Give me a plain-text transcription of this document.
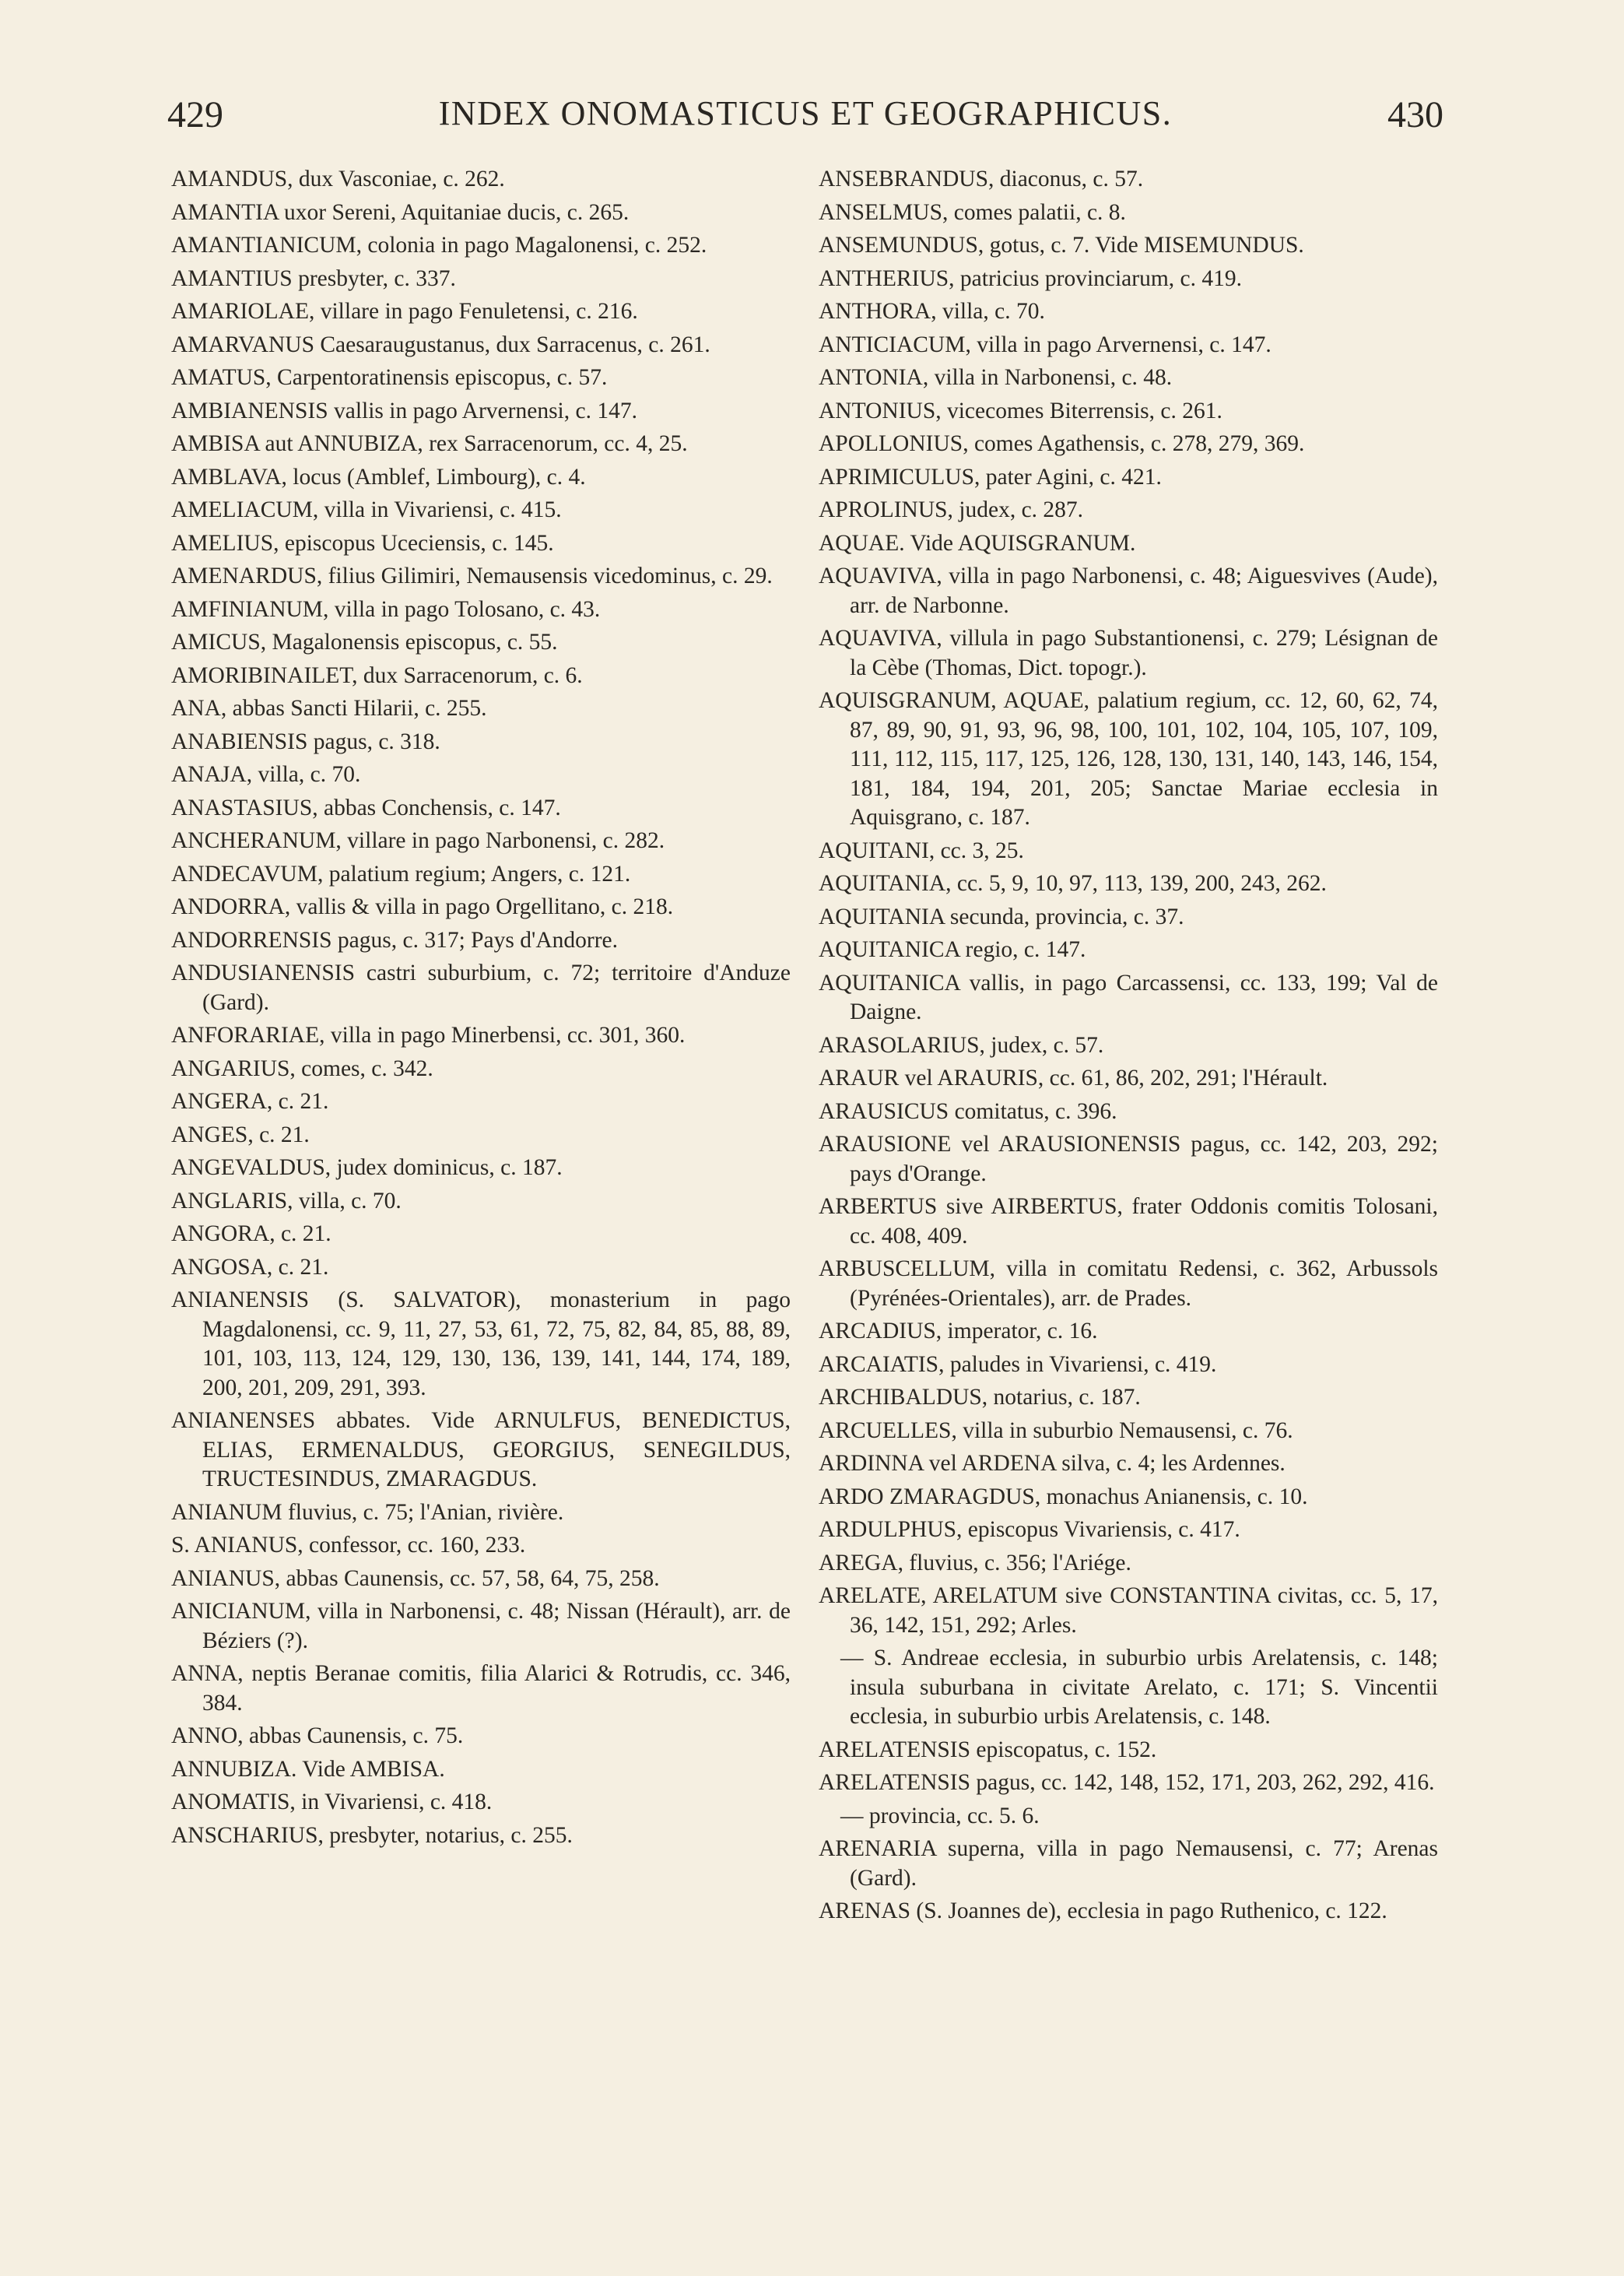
429	INDEX ONOMASTICUS ET GEOGRAPHICUS.	430

AMANDUS, dux Vasconiae, c. 262.

AMANTIA uxor Sereni, Aquitaniae ducis, c. 265.

AMANTIANICUM, colonia in pago Magalonensi, c. 252.

AMANTIUS presbyter, c. 337.

AMARIOLAE, villare in pago Fenuletensi, c. 216.

AMARVANUS Caesaraugustanus, dux Sarracenus, c. 261.

AMATUS, Carpentoratinensis episcopus, c. 57.

AMBIANENSIS vallis in pago Arvernensi, c. 147.

AMBISA aut ANNUBIZA, rex Sarracenorum, cc. 4, 25.

AMBLAVA, locus (Amblef, Limbourg), c. 4.

AMELIACUM, villa in Vivariensi, c. 415.

AMELIUS, episcopus Uceciensis, c. 145.

AMENARDUS, filius Gilimiri, Nemausensis vicedominus, c. 29.

AMFINIANUM, villa in pago Tolosano, c. 43.

AMICUS, Magalonensis episcopus, c. 55.

AMORIBINAILET, dux Sarracenorum, c. 6.

ANA, abbas Sancti Hilarii, c. 255.

ANABIENSIS pagus, c. 318.

ANAJA, villa, c. 70.

ANASTASIUS, abbas Conchensis, c. 147.

ANCHERANUM, villare in pago Narbonensi, c. 282.

ANDECAVUM, palatium regium; Angers, c. 121.

ANDORRA, vallis & villa in pago Orgellitano, c. 218.

ANDORRENSIS pagus, c. 317; Pays d'Andorre.

ANDUSIANENSIS castri suburbium, c. 72; territoire d'Anduze (Gard).

ANFORARIAE, villa in pago Minerbensi, cc. 301, 360.

ANGARIUS, comes, c. 342.

ANGERA, c. 21.

ANGES, c. 21.

ANGEVALDUS, judex dominicus, c. 187.

ANGLARIS, villa, c. 70.

ANGORA, c. 21.

ANGOSA, c. 21.

ANIANENSIS (S. SALVATOR), monasterium in pago Magdalonensi, cc. 9, 11, 27, 53, 61, 72, 75, 82, 84, 85, 88, 89, 101, 103, 113, 124, 129, 130, 136, 139, 141, 144, 174, 189, 200, 201, 209, 291, 393.

ANIANENSES abbates. Vide ARNULFUS, BENEDICTUS, ELIAS, ERMENALDUS, GEORGIUS, SENEGILDUS, TRUCTESINDUS, ZMARAGDUS.

ANIANUM fluvius, c. 75; l'Anian, rivière.

S. ANIANUS, confessor, cc. 160, 233.

ANIANUS, abbas Caunensis, cc. 57, 58, 64, 75, 258.

ANICIANUM, villa in Narbonensi, c. 48; Nissan (Hérault), arr. de Béziers (?).

ANNA, neptis Beranae comitis, filia Alarici & Rotrudis, cc. 346, 384.

ANNO, abbas Caunensis, c. 75.

ANNUBIZA. Vide AMBISA.

ANOMATIS, in Vivariensi, c. 418.

ANSCHARIUS, presbyter, notarius, c. 255.

ANSEBRANDUS, diaconus, c. 57.

ANSELMUS, comes palatii, c. 8.

ANSEMUNDUS, gotus, c. 7. Vide MISEMUNDUS.

ANTHERIUS, patricius provinciarum, c. 419.

ANTHORA, villa, c. 70.

ANTICIACUM, villa in pago Arvernensi, c. 147.

ANTONIA, villa in Narbonensi, c. 48.

ANTONIUS, vicecomes Biterrensis, c. 261.

APOLLONIUS, comes Agathensis, c. 278, 279, 369.

APRIMICULUS, pater Agini, c. 421.

APROLINUS, judex, c. 287.

AQUAE. Vide AQUISGRANUM.

AQUAVIVA, villa in pago Narbonensi, c. 48; Aiguesvives (Aude), arr. de Narbonne.

AQUAVIVA, villula in pago Substantionensi, c. 279; Lésignan de la Cèbe (Thomas, Dict. topogr.).

AQUISGRANUM, AQUAE, palatium regium, cc. 12, 60, 62, 74, 87, 89, 90, 91, 93, 96, 98, 100, 101, 102, 104, 105, 107, 109, 111, 112, 115, 117, 125, 126, 128, 130, 131, 140, 143, 146, 154, 181, 184, 194, 201, 205; Sanctae Mariae ecclesia in Aquisgrano, c. 187.

AQUITANI, cc. 3, 25.

AQUITANIA, cc. 5, 9, 10, 97, 113, 139, 200, 243, 262.

AQUITANIA secunda, provincia, c. 37.

AQUITANICA regio, c. 147.

AQUITANICA vallis, in pago Carcassensi, cc. 133, 199; Val de Daigne.

ARASOLARIUS, judex, c. 57.

ARAUR vel ARAURIS, cc. 61, 86, 202, 291; l'Hérault.

ARAUSICUS comitatus, c. 396.

ARAUSIONE vel ARAUSIONENSIS pagus, cc. 142, 203, 292; pays d'Orange.

ARBERTUS sive AIRBERTUS, frater Oddonis comitis Tolosani, cc. 408, 409.

ARBUSCELLUM, villa in comitatu Redensi, c. 362, Arbussols (Pyrénées-Orientales), arr. de Prades.

ARCADIUS, imperator, c. 16.

ARCAIATIS, paludes in Vivariensi, c. 419.

ARCHIBALDUS, notarius, c. 187.

ARCUELLES, villa in suburbio Nemausensi, c. 76.

ARDINNA vel ARDENA silva, c. 4; les Ardennes.

ARDO ZMARAGDUS, monachus Anianensis, c. 10.

ARDULPHUS, episcopus Vivariensis, c. 417.

AREGA, fluvius, c. 356; l'Ariége.

ARELATE, ARELATUM sive CONSTANTINA civitas, cc. 5, 17, 36, 142, 151, 292; Arles.

— S. Andreae ecclesia, in suburbio urbis Arelatensis, c. 148; insula suburbana in civitate Arelato, c. 171; S. Vincentii ecclesia, in suburbio urbis Arelatensis, c. 148.

ARELATENSIS episcopatus, c. 152.

ARELATENSIS pagus, cc. 142, 148, 152, 171, 203, 262, 292, 416.

— provincia, cc. 5. 6.

ARENARIA superna, villa in pago Nemausensi, c. 77; Arenas (Gard).

ARENAS (S. Joannes de), ecclesia in pago Ruthenico, c. 122.
